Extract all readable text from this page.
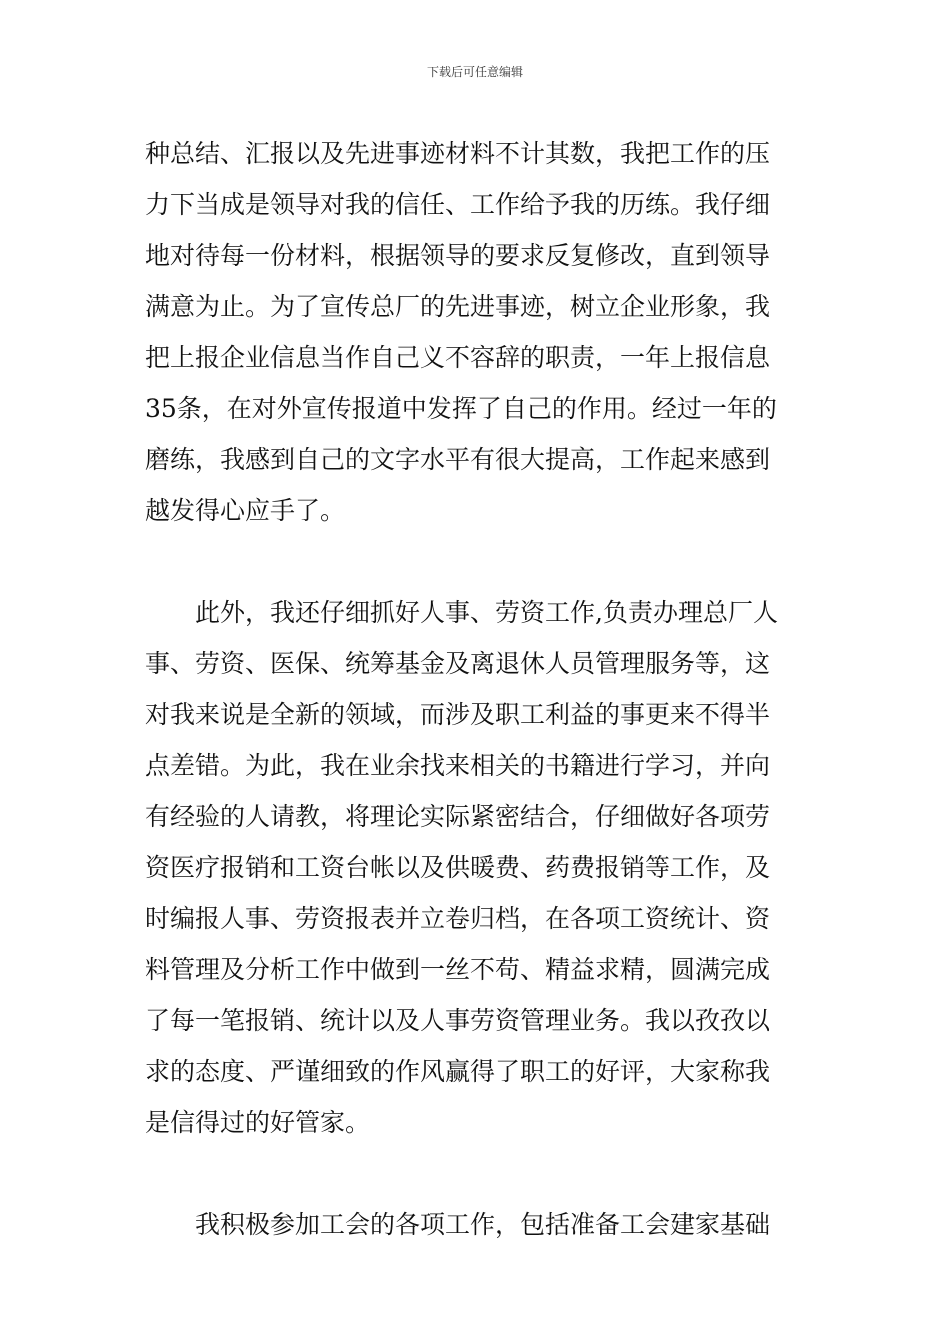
下载后可任意编辑
种总结、汇报以及先进事迹材料不计其数，我把工作的压
力下当成是领导对我的信任、工作给予我的历练。我仔细
地对待每一份材料，根据领导的要求反复修改，直到领导
满意为止。为了宣传总厂的先进事迹，树立企业形象，我
把上报企业信息当作自己义不容辞的职责，一年上报信息
35条，在对外宣传报道中发挥了自己的作用。经过一年的
磨练，我感到自己的文字水平有很大提高，工作起来感到
越发得心应手了。
此外，我还仔细抓好人事、劳资工作,负责办理总厂人
事、劳资、医保、统筹基金及离退休人员管理服务等，这
对我来说是全新的领域，而涉及职工利益的事更来不得半
点差错。为此，我在业余找来相关的书籍进行学习，并向
有经验的人请教，将理论实际紧密结合，仔细做好各项劳
资医疗报销和工资台帐以及供暖费、药费报销等工作，及
时编报人事、劳资报表并立卷归档，在各项工资统计、资
料管理及分析工作中做到一丝不苟、精益求精，圆满完成
了每一笔报销、统计以及人事劳资管理业务。我以孜孜以
求的态度、严谨细致的作风赢得了职工的好评，大家称我
是信得过的好管家。
我积极参加工会的各项工作，包括准备工会建家基础
